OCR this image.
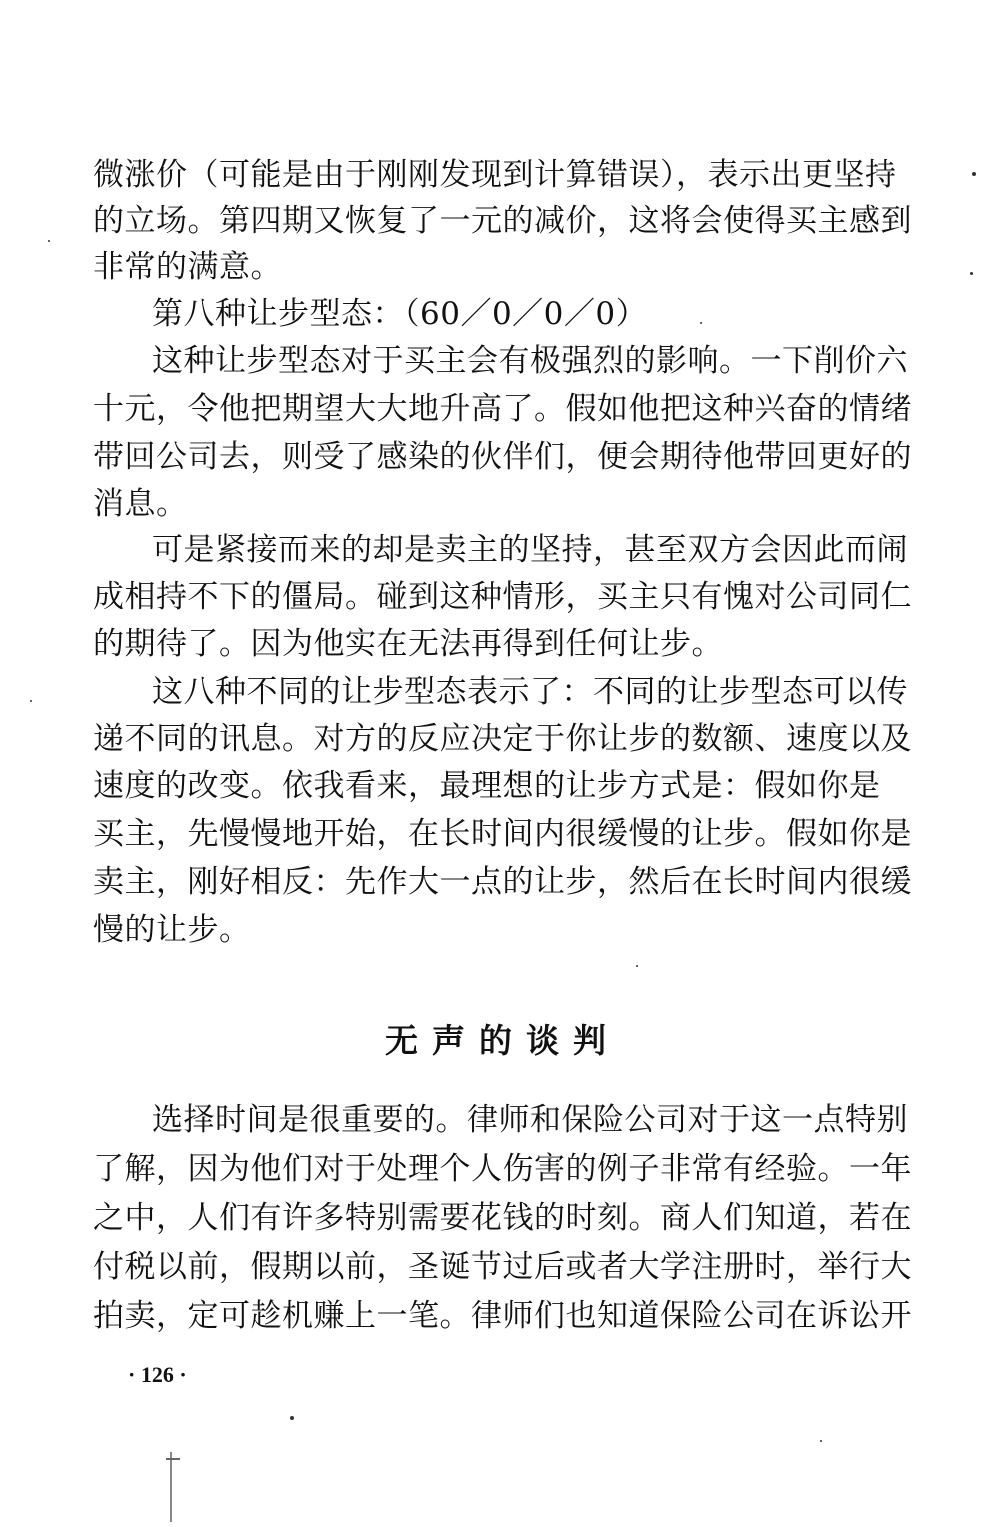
微涨价（可能是由于刚刚发现到计算错误），表示出更坚持
的立场。第四期又恢复了一元的减价，这将会使得买主感到
非常的满意。
第八种让步型态：（60／0／0／0）
这种让步型态对于买主会有极强烈的影响。一下削价六
十元，令他把期望大大地升高了。假如他把这种兴奋的情绪
带回公司去，则受了感染的伙伴们，便会期待他带回更好的
消息。
可是紧接而来的却是卖主的坚持，甚至双方会因此而闹
成相持不下的僵局。碰到这种情形，买主只有愧对公司同仁
的期待了。因为他实在无法再得到任何让步。
这八种不同的让步型态表示了：不同的让步型态可以传
递不同的讯息。对方的反应决定于你让步的数额、速度以及
速度的改变。依我看来，最理想的让步方式是：假如你是
买主，先慢慢地开始，在长时间内很缓慢的让步。假如你是
卖主，刚好相反：先作大一点的让步，然后在长时间内很缓
慢的让步。
无声的谈判
选择时间是很重要的。律师和保险公司对于这一点特别
了解，因为他们对于处理个人伤害的例子非常有经验。一年
之中，人们有许多特别需要花钱的时刻。商人们知道，若在
付税以前，假期以前，圣诞节过后或者大学注册时，举行大
拍卖，定可趁机赚上一笔。律师们也知道保险公司在诉讼开
· 126 ·
